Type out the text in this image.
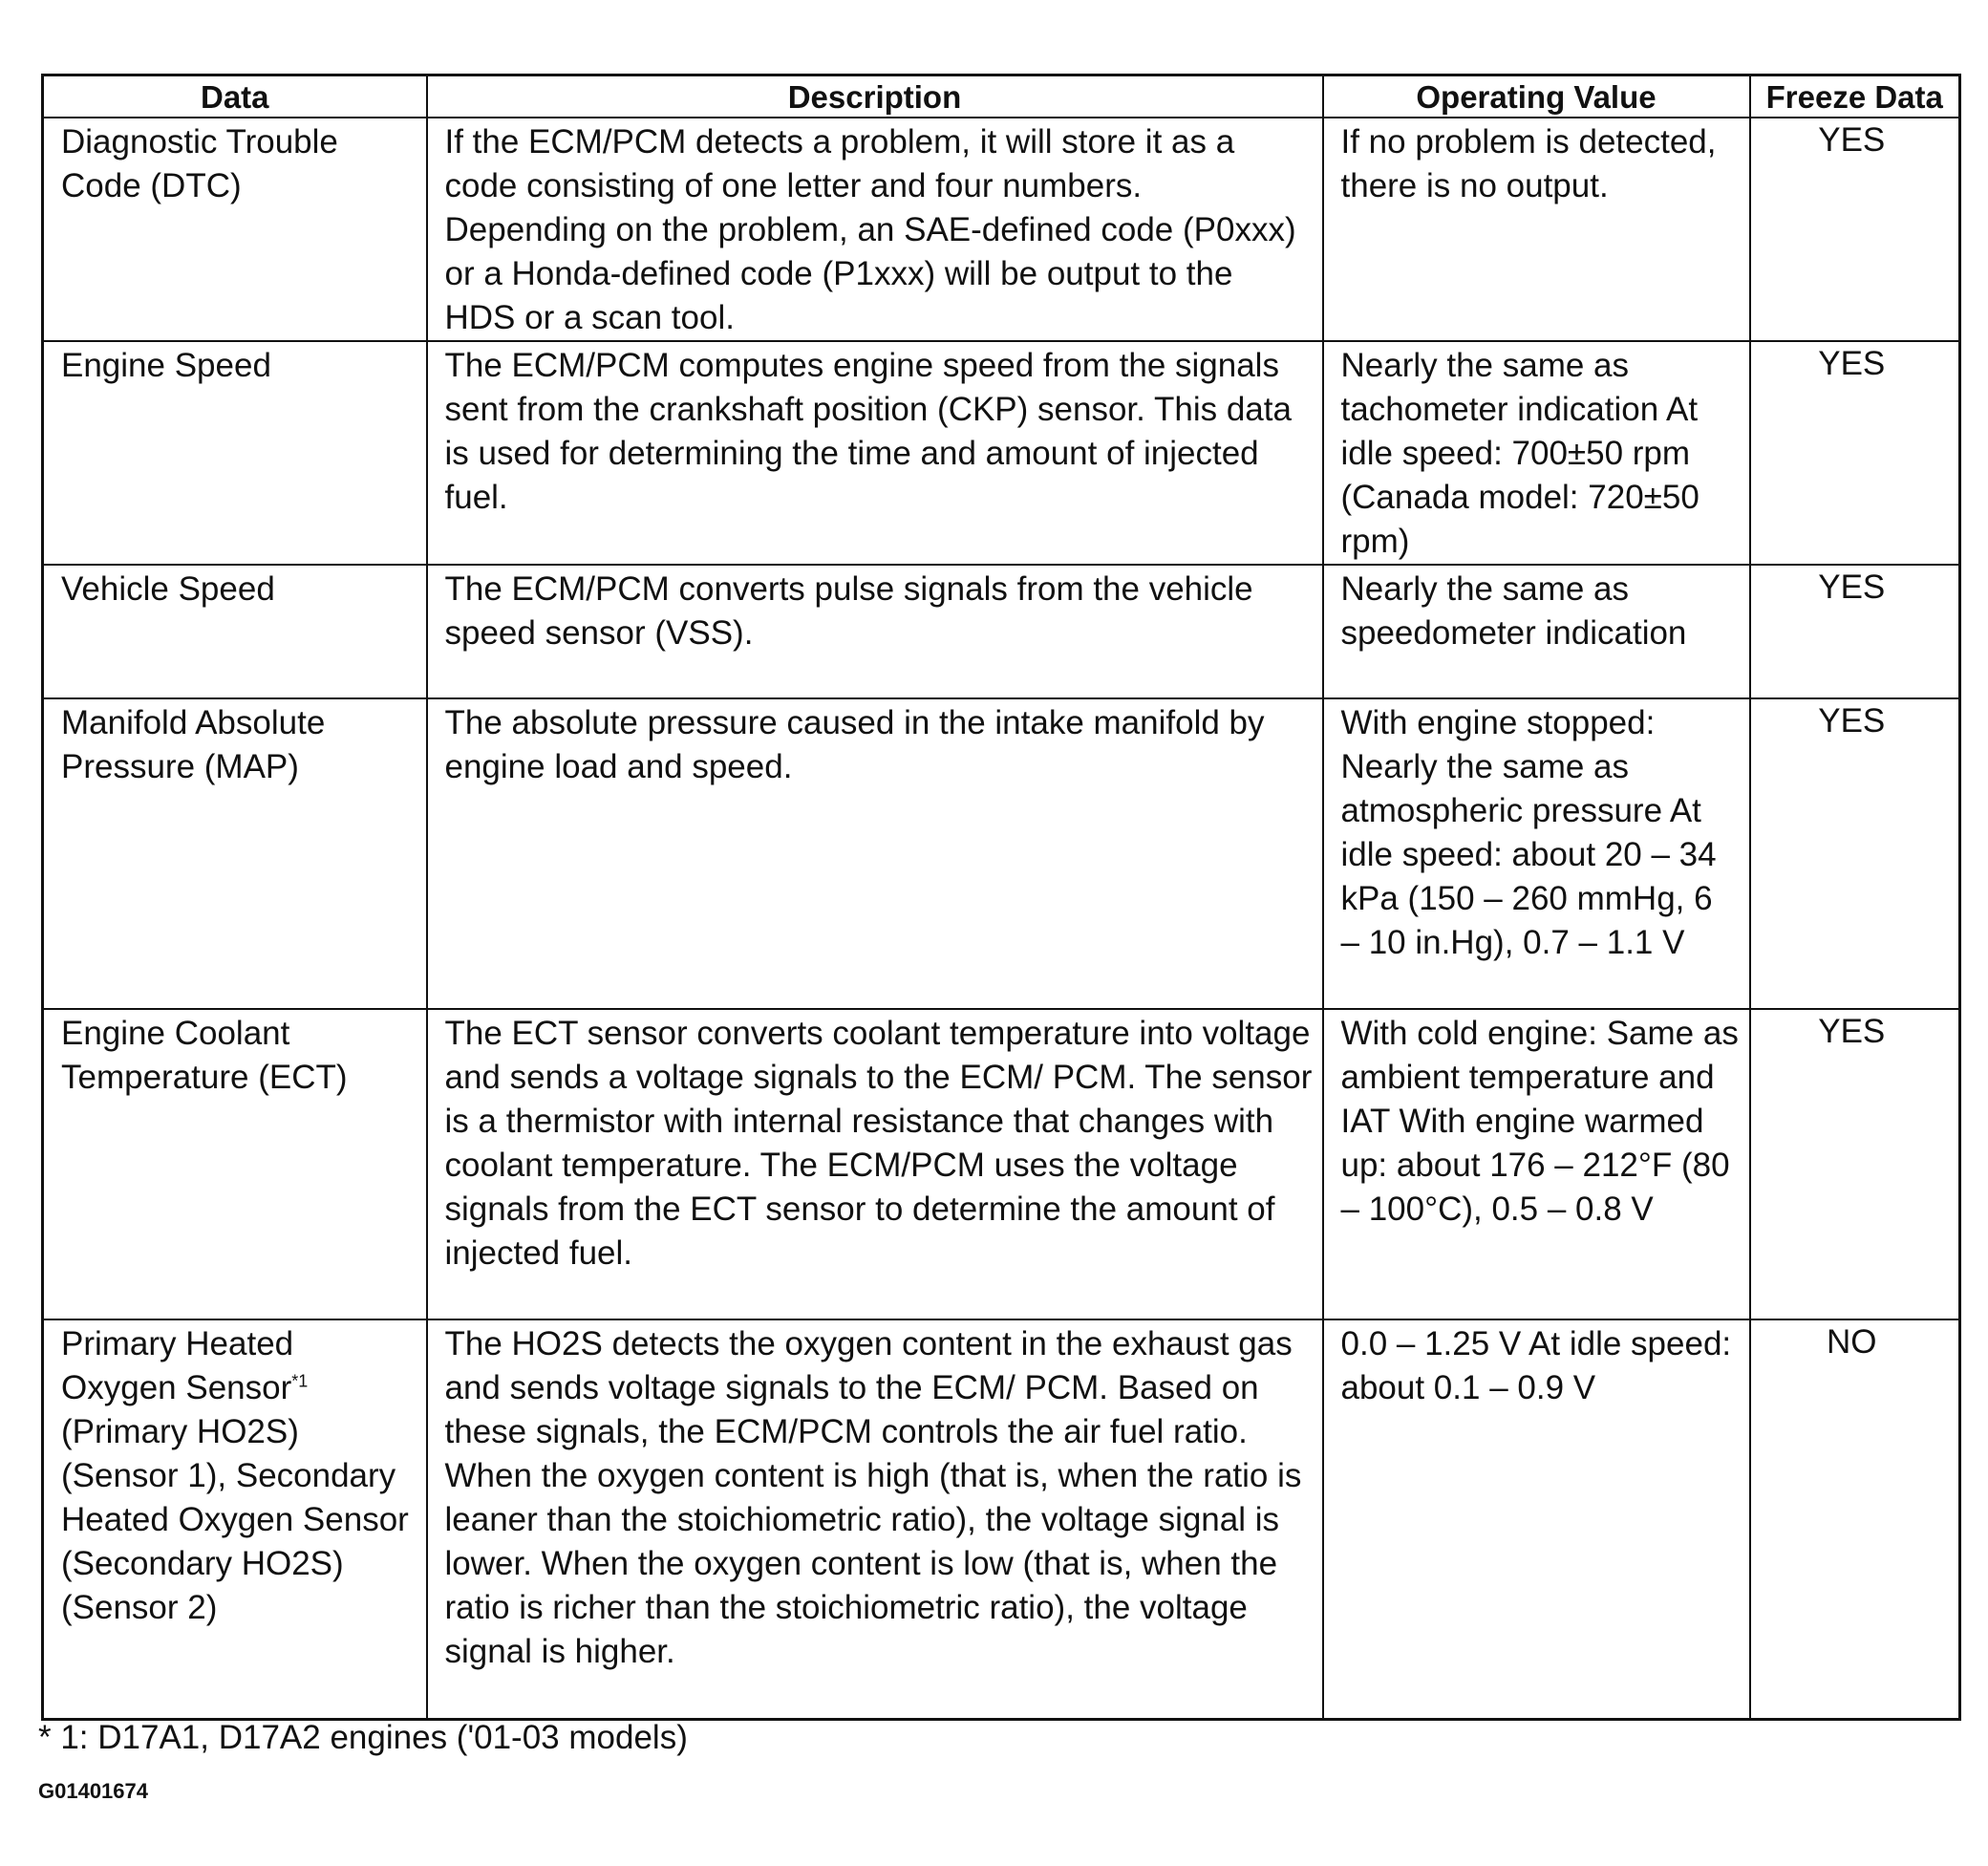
Data	Description	Operating Value	Freeze Data
Diagnostic Trouble Code (DTC)	If the ECM/PCM detects a problem, it will store it as a code consisting of one letter and four numbers. Depending on the problem, an SAE-defined code (P0xxx) or a Honda-defined code (P1xxx) will be output to the HDS or a scan tool.	If no problem is detected, there is no output.	YES
Engine Speed	The ECM/PCM computes engine speed from the signals sent from the crankshaft position (CKP) sensor. This data is used for determining the time and amount of injected fuel.	Nearly the same as tachometer indication At idle speed: 700±50 rpm (Canada model: 720±50 rpm)	YES
Vehicle Speed	The ECM/PCM converts pulse signals from the vehicle speed sensor (VSS).	Nearly the same as speedometer indication	YES
Manifold Absolute Pressure (MAP)	The absolute pressure caused in the intake manifold by engine load and speed.	With engine stopped: Nearly the same as atmospheric pressure At idle speed: about 20 – 34 kPa (150 – 260 mmHg, 6 – 10 in.Hg), 0.7 – 1.1 V	YES
Engine Coolant Temperature (ECT)	The ECT sensor converts coolant temperature into voltage and sends a voltage signals to the ECM/ PCM. The sensor is a thermistor with internal resistance that changes with coolant temperature. The ECM/PCM uses the voltage signals from the ECT sensor to determine the amount of injected fuel.	With cold engine: Same as ambient temperature and IAT With engine warmed up: about 176 – 212°F (80 – 100°C), 0.5 – 0.8 V	YES
Primary Heated Oxygen Sensor$^{*1}$ (Primary HO2S) (Sensor 1), Secondary Heated Oxygen Sensor (Secondary HO2S) (Sensor 2)	The HO2S detects the oxygen content in the exhaust gas and sends voltage signals to the ECM/ PCM. Based on these signals, the ECM/PCM controls the air fuel ratio. When the oxygen content is high (that is, when the ratio is leaner than the stoichiometric ratio), the voltage signal is lower. When the oxygen content is low (that is, when the ratio is richer than the stoichiometric ratio), the voltage signal is higher.	0.0 – 1.25 V At idle speed: about 0.1 – 0.9 V	NO

* 1: D17A1, D17A2 engines ('01-03 models)

G01401674
